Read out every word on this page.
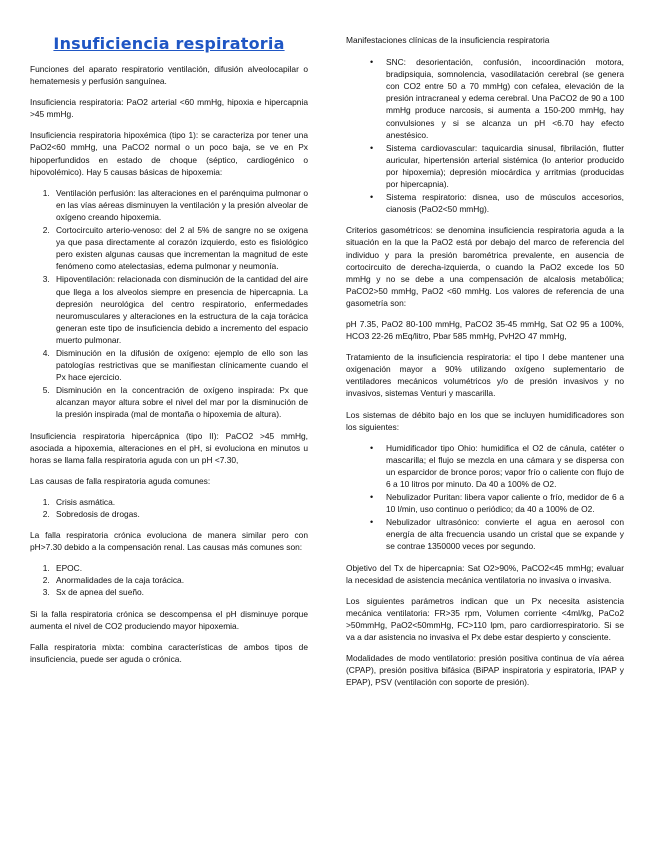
Insuficiencia respiratoria

Funciones del aparato respiratorio ventilación, difusión alveolocapilar o hematemesis y perfusión sanguínea.

Insuficiencia respiratoria: PaO2 arterial <60 mmHg, hipoxia e hipercapnia >45 mmHg.

Insuficiencia respiratoria hipoxémica (tipo 1): se caracteriza por tener una PaO2<60 mmHg, una PaCO2 normal o un poco baja, se ve en Px hipoperfundidos en estado de choque (séptico, cardiogénico o hipovolémico). Hay 5 causas básicas de hipoxemia:

1. Ventilación perfusión: las alteraciones en el parénquima pulmonar o en las vías aéreas disminuyen la ventilación y la presión alveolar de oxígeno creando hipoxemia.
2. Cortocircuito arterio-venoso: del 2 al 5% de sangre no se oxigena ya que pasa directamente al corazón izquierdo, esto es fisiológico pero existen algunas causas que incrementan la magnitud de este fenómeno como atelectasias, edema pulmonar y neumonía.
3. Hipoventilación: relacionada con disminución de la cantidad del aire que llega a los alveolos siempre en presencia de hipercapnia. La depresión neurológica del centro respiratorio, enfermedades neuromusculares y alteraciones en la estructura de la caja torácica generan este tipo de insuficiencia debido a incremento del espacio muerto pulmonar.
4. Disminución en la difusión de oxígeno: ejemplo de ello son las patologías restrictivas que se manifiestan clínicamente cuando el Px hace ejercicio.
5. Disminución en la concentración de oxígeno inspirada: Px que alcanzan mayor altura sobre el nivel del mar por la disminución de la presión inspirada (mal de montaña o hipoxemia de altura).

Insuficiencia respiratoria hipercápnica (tipo II): PaCO2 >45 mmHg, asociada a hipoxemia, alteraciones en el pH, si evoluciona en minutos u horas se llama falla respiratoria aguda con un pH <7.30,

Las causas de falla respiratoria aguda comunes:

1. Crisis asmática.
2. Sobredosis de drogas.

La falla respiratoria crónica evoluciona de manera similar pero con pH>7.30 debido a la compensación renal. Las causas más comunes son:

1. EPOC.
2. Anormalidades de la caja torácica.
3. Sx de apnea del sueño.

Si la falla respiratoria crónica se descompensa el pH disminuye porque aumenta el nivel de CO2 produciendo mayor hipoxemia.

Falla respiratoria mixta: combina características de ambos tipos de insuficiencia, puede ser aguda o crónica.

Manifestaciones clínicas de la insuficiencia respiratoria
• SNC: desorientación, confusión, incoordinación motora, bradipsiquia, somnolencia, vasodilatación cerebral (se genera con CO2 entre 50 a 70 mmHg) con cefalea, elevación de la presión intracraneal y edema cerebral. Una PaCO2 de 90 a 100 mmHg produce narcosis, si aumenta a 150-200 mmHg, hay convulsiones y si se alcanza un pH <6.70 hay efecto anestésico.
• Sistema cardiovascular: taquicardia sinusal, fibrilación, flutter auricular, hipertensión arterial sistémica (lo anterior producido por hipoxemia); depresión miocárdica y arritmias (producidas por hipercapnia).
• Sistema respiratorio: disnea, uso de músculos accesorios, cianosis (PaO2<50 mmHg).

Criterios gasométricos: se denomina insuficiencia respiratoria aguda a la situación en la que la PaO2 está por debajo del marco de referencia del individuo y para la presión barométrica prevalente, en ausencia de cortocircuito de derecha-izquierda, o cuando la PaO2 excede los 50 mmHg y no se debe a una compensación de alcalosis metabólica; PaCO2>50 mmHg, PaO2 <60 mmHg. Los valores de referencia de una gasometría son:

pH 7.35, PaO2 80-100 mmHg, PaCO2 35-45 mmHg, Sat O2 95 a 100%, HCO3 22-26 mEq/litro, Pbar 585 mmHg, PvH2O 47 mmHg,

Tratamiento de la insuficiencia respiratoria: el tipo I debe mantener una oxigenación mayor a 90% utilizando oxígeno suplementario de ventiladores mecánicos volumétricos y/o de presión invasivos y no invasivos, sistemas Venturi y mascarilla.

Los sistemas de débito bajo en los que se incluyen humidificadores son los siguientes:

• Humidificador tipo Ohio: humidifica el O2 de cánula, catéter o mascarilla; el flujo se mezcla en una cámara y se dispersa con un esparcidor de bronce poros; vapor frío o caliente con flujo de 6 a 10 litros por minuto. Da 40 a 100% de O2.
• Nebulizador Puritan: libera vapor caliente o frío, medidor de 6 a 10 l/min, uso continuo o periódico; da 40 a 100% de O2.
• Nebulizador ultrasónico: convierte el agua en aerosol con energía de alta frecuencia usando un cristal que se expande y se contrae 1350000 veces por segundo.

Objetivo del Tx de hipercapnia: Sat O2>90%, PaCO2<45 mmHg; evaluar la necesidad de asistencia mecánica ventilatoria no invasiva o invasiva.

Los siguientes parámetros indican que un Px necesita asistencia mecánica ventilatoria: FR>35 rpm, Volumen corriente <4ml/kg, PaCo2 >50mmHg, PaO2<50mmHg, FC>110 lpm, paro cardiorrespiratorio. Si se va a dar asistencia no invasiva el Px debe estar despierto y consciente.

Modalidades de modo ventilatorio: presión positiva continua de vía aérea (CPAP), presión positiva bifásica (BiPAP inspiratoria y espiratoria, IPAP y EPAP), PSV (ventilación con soporte de presión).
